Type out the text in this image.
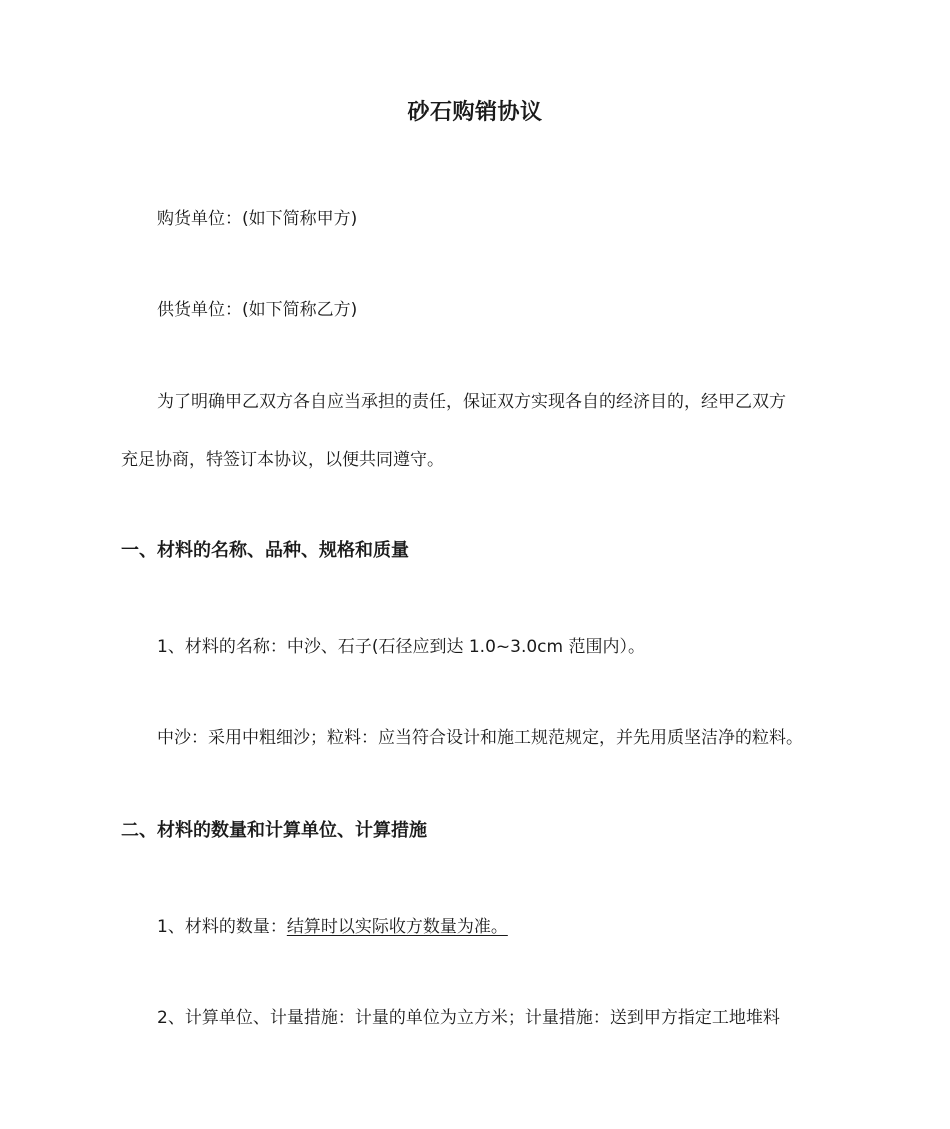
砂石购销协议
购货单位：(如下简称甲方)
供货单位：(如下简称乙方)
为了明确甲乙双方各自应当承担的责任，保证双方实现各自的经济目的，经甲乙双方
充足协商，特签订本协议，以便共同遵守。
一、材料的名称、品种、规格和质量
1、材料的名称：中沙、石子(石径应到达 1.0~3.0cm 范围内）。
中沙：采用中粗细沙；粒料：应当符合设计和施工规范规定，并先用质坚洁净的粒料。
二、材料的数量和计算单位、计算措施
1、材料的数量：结算时以实际收方数量为准。
2、计算单位、计量措施：计量的单位为立方米；计量措施：送到甲方指定工地堆料
